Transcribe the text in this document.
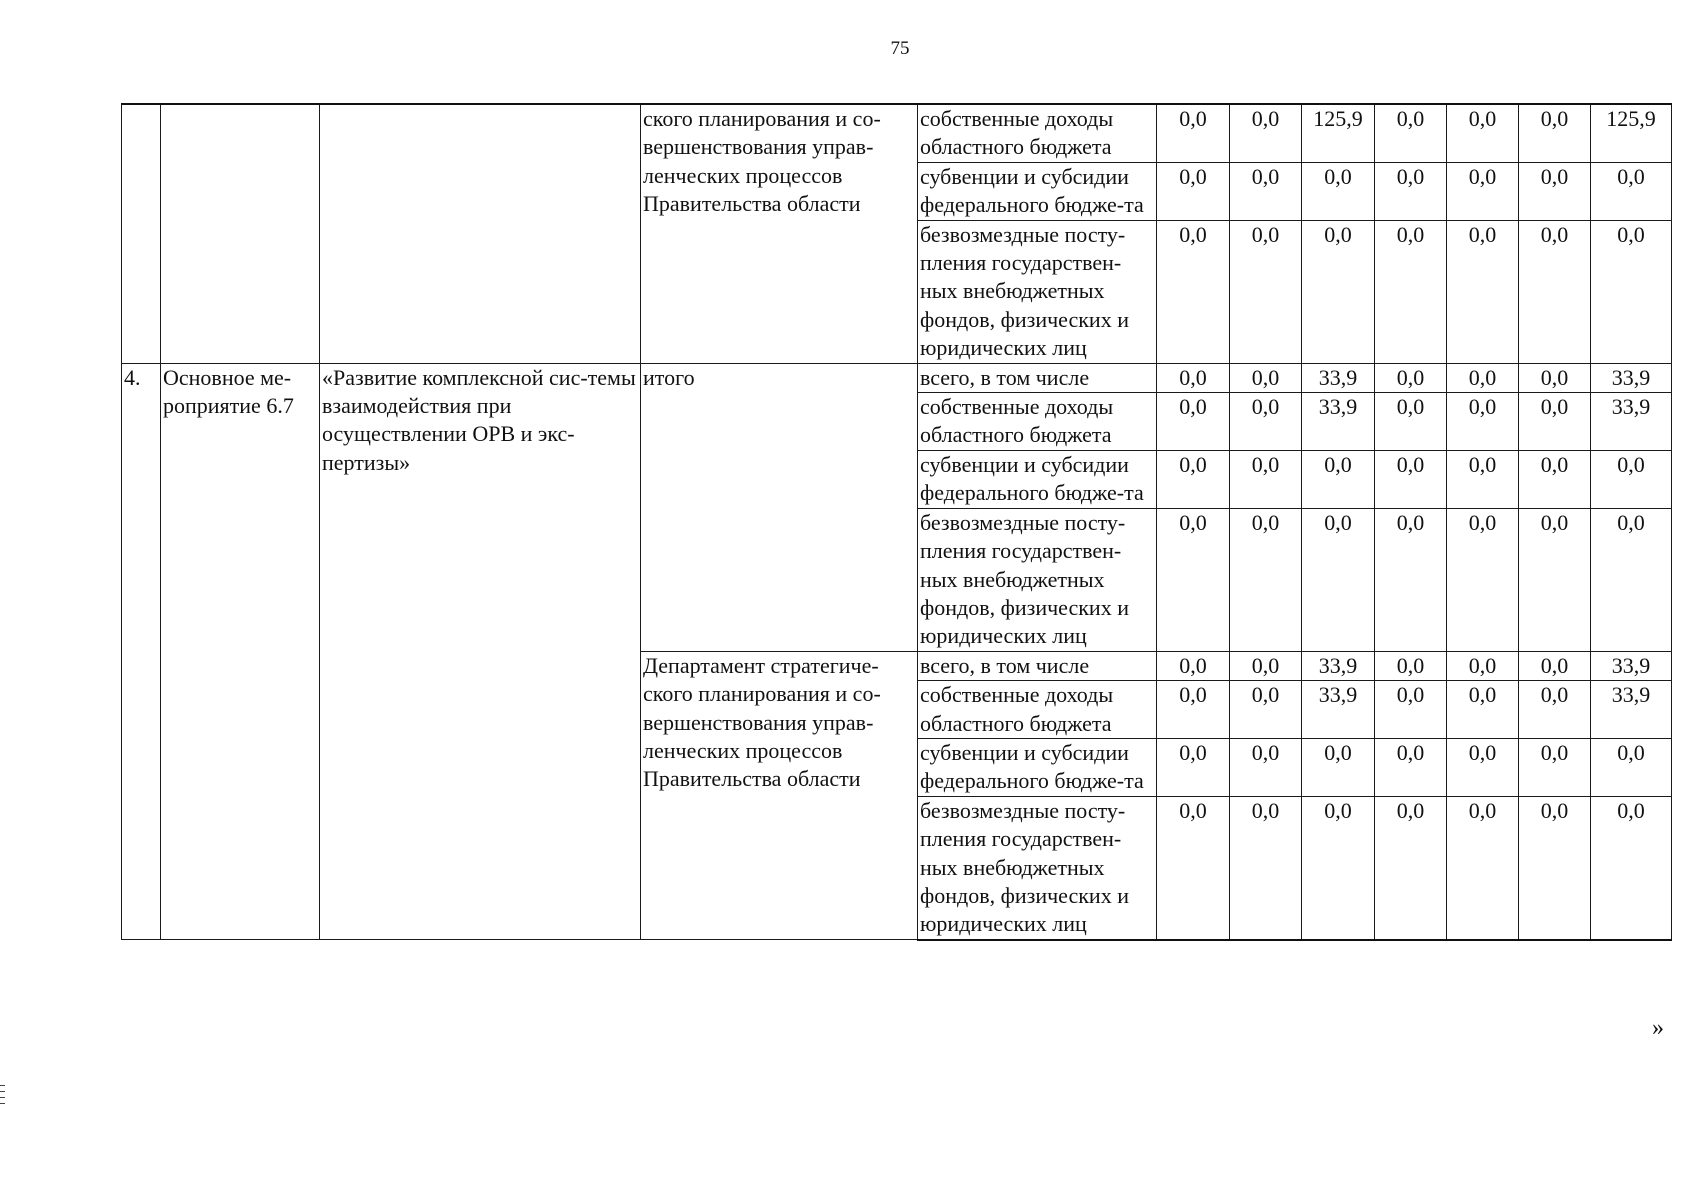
75
			ского планирования и со-вершенствования управ-ленческих процессов Правительства области	собственные доходы областного бюджета	0,0	0,0	125,9	0,0	0,0	0,0	125,9
				субвенции и субсидии федерального бюдже-та	0,0	0,0	0,0	0,0	0,0	0,0	0,0
				безвозмездные посту-пления государствен-ных внебюджетных фондов, физических и юридических лиц	0,0	0,0	0,0	0,0	0,0	0,0	0,0
4.	Основное ме-роприятие 6.7	«Развитие комплексной сис-темы взаимодействия при осуществлении ОРВ и экс-пертизы»	итого	всего, в том числе	0,0	0,0	33,9	0,0	0,0	0,0	33,9
				собственные доходы областного бюджета	0,0	0,0	33,9	0,0	0,0	0,0	33,9
				субвенции и субсидии федерального бюдже-та	0,0	0,0	0,0	0,0	0,0	0,0	0,0
				безвозмездные посту-пления государствен-ных внебюджетных фондов, физических и юридических лиц	0,0	0,0	0,0	0,0	0,0	0,0	0,0
			Департамент стратегиче-ского планирования и со-вершенствования управ-ленческих процессов Правительства области	всего, в том числе	0,0	0,0	33,9	0,0	0,0	0,0	33,9
				собственные доходы областного бюджета	0,0	0,0	33,9	0,0	0,0	0,0	33,9
				субвенции и субсидии федерального бюдже-та	0,0	0,0	0,0	0,0	0,0	0,0	0,0
				безвозмездные посту-пления государствен-ных внебюджетных фондов, физических и юридических лиц	0,0	0,0	0,0	0,0	0,0	0,0	0,0
»
